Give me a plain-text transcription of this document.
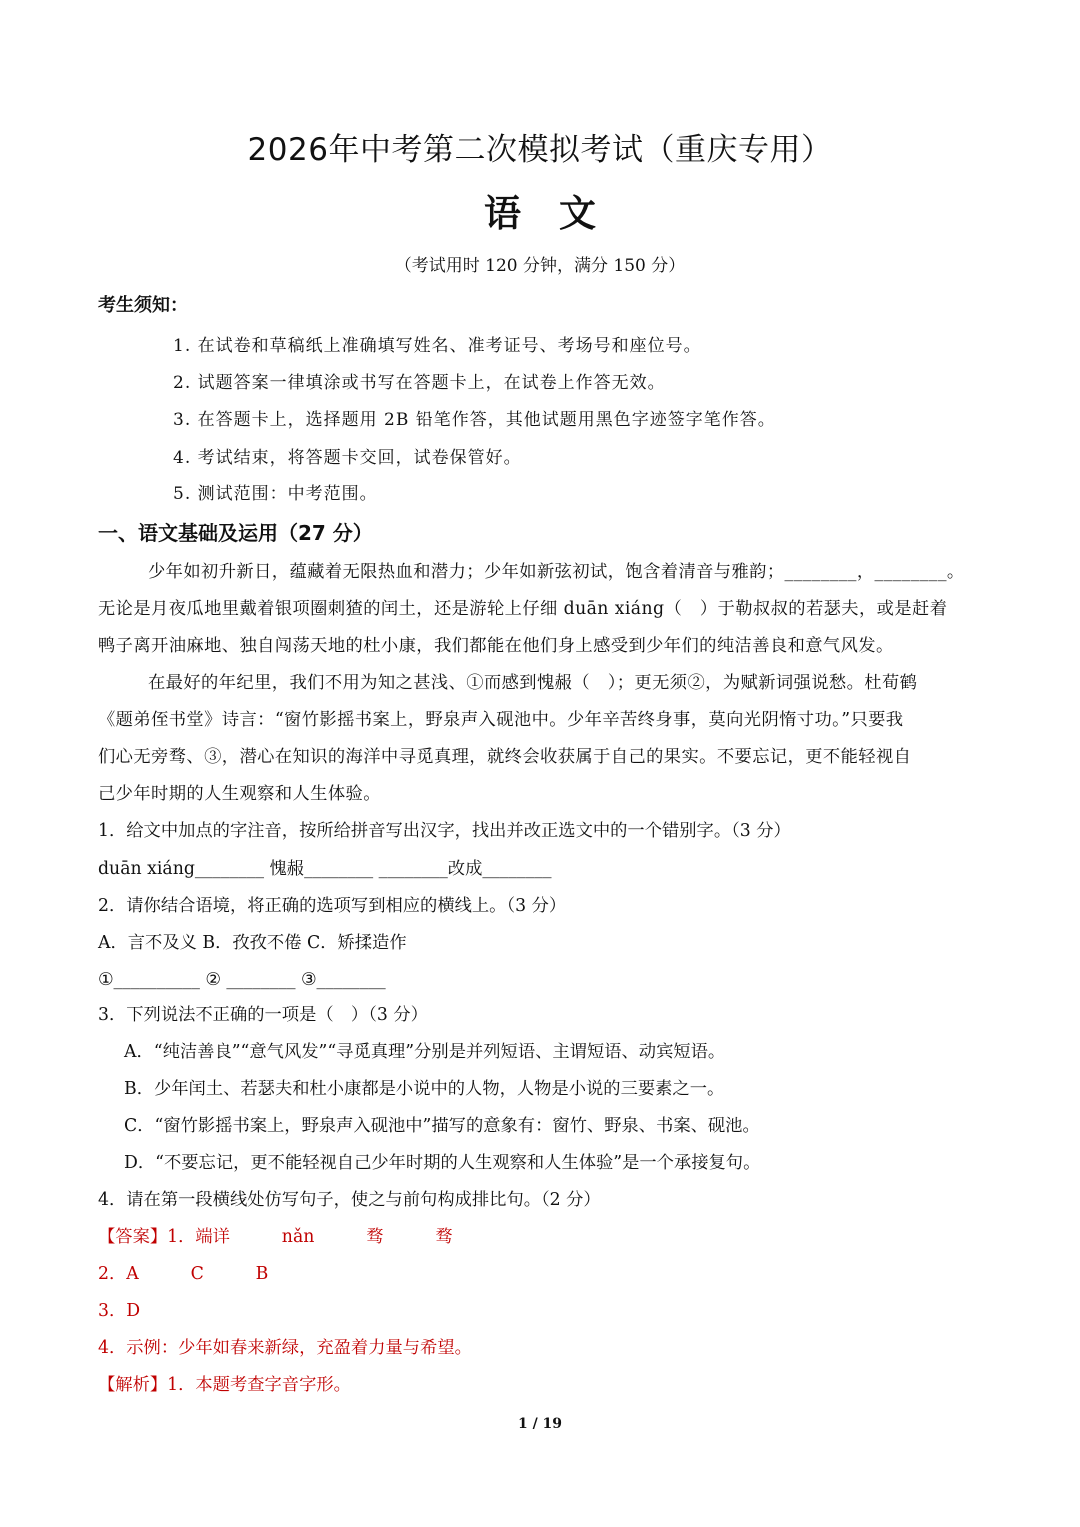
2026年中考第二次模拟考试（重庆专用）
语文
（考试用时 120 分钟，满分 150 分）
考生须知：
1. 在试卷和草稿纸上准确填写姓名、准考证号、考场号和座位号。
2. 试题答案一律填涂或书写在答题卡上，在试卷上作答无效。
3. 在答题卡上，选择题用 2B 铅笔作答，其他试题用黑色字迹签字笔作答。
4. 考试结束，将答题卡交回，试卷保管好。
5. 测试范围：中考范围。
一、语文基础及运用（27 分）
少年如初升新日，蕴藏着无限热血和潜力；少年如新弦初试，饱含着清音与雅韵；________，________。
无论是月夜瓜地里戴着银项圈刺猹的闰土，还是游轮上仔细 duān xiáng（　）于勒叔叔的若瑟夫，或是赶着
鸭子离开油麻地、独自闯荡天地的杜小康，我们都能在他们身上感受到少年们的纯洁善良和意气风发。
在最好的年纪里，我们不用为知之甚浅、①而感到愧赧（　）；更无须②，为赋新词强说愁。杜荀鹤
《题弟侄书堂》诗言：“窗竹影摇书案上，野泉声入砚池中。少年辛苦终身事，莫向光阴惰寸功。”只要我
们心无旁骛、③，潜心在知识的海洋中寻觅真理，就终会收获属于自己的果实。不要忘记，更不能轻视自
己少年时期的人生观察和人生体验。
1．给文中加点的字注音，按所给拼音写出汉字，找出并改正选文中的一个错别字。（3 分）
duān xiáng________ 愧赧________ ________改成________
2．请你结合语境，将正确的选项写到相应的横线上。（3 分）
A．言不及义 B．孜孜不倦 C．矫揉造作
①__________ ② ________ ③________
3．下列说法不正确的一项是（　）（3 分）
A．“纯洁善良”“意气风发”“寻觅真理”分别是并列短语、主谓短语、动宾短语。
B．少年闰土、若瑟夫和杜小康都是小说中的人物，人物是小说的三要素之一。
C．“窗竹影摇书案上，野泉声入砚池中”描写的意象有：窗竹、野泉、书案、砚池。
D．“不要忘记，更不能轻视自己少年时期的人生观察和人生体验”是一个承接复句。
4．请在第一段横线处仿写句子，使之与前句构成排比句。（2 分）
【答案】1．端详　　　nǎn　　　骛　　　骛
2．A　　　C　　　B
3．D
4．示例：少年如春来新绿，充盈着力量与希望。
【解析】1．本题考查字音字形。
1 / 19
